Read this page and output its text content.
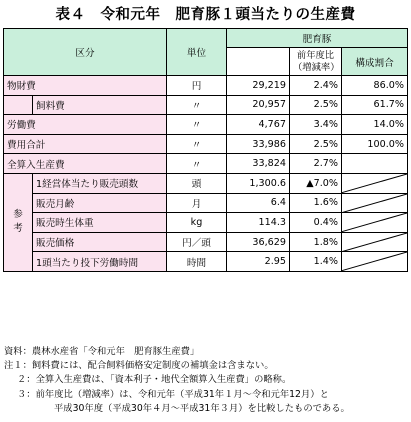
表４　令和元年　肥育豚１頭当たりの生産費
区分		単位	肥育豚		

				前年度比
（増減率）	構成割合
物財費		円	29,219	2.4%	86.0%
	飼料費	〃	20,957	2.5%	61.7%
労働費		〃	4,767	3.4%	14.0%
費用合計		〃	33,986	2.5%	100.0%
全算入生産費		〃	33,824	2.7%	

参
考	1経営体当たり販売頭数	頭	1,300.6	▲7.0%	

	販売月齢	月	6.4	1.6%	

	販売時生体重	kg	114.3	0.4%	

	販売価格	円／頭	36,629	1.8%	

	1頭当たり投下労働時間	時間	2.95	1.4%	
資料：農林水産省「令和元年　肥育豚生産費」
注１：飼料費には、配合飼料価格安定制度の補填金は含まない。
２：全算入生産費は、「資本利子・地代全額算入生産費」の略称。
３：前年度比（増減率）は、令和元年（平成31年１月～令和元年12月）と
平成30年度（平成30年４月～平成31年３月）を比較したものである。
